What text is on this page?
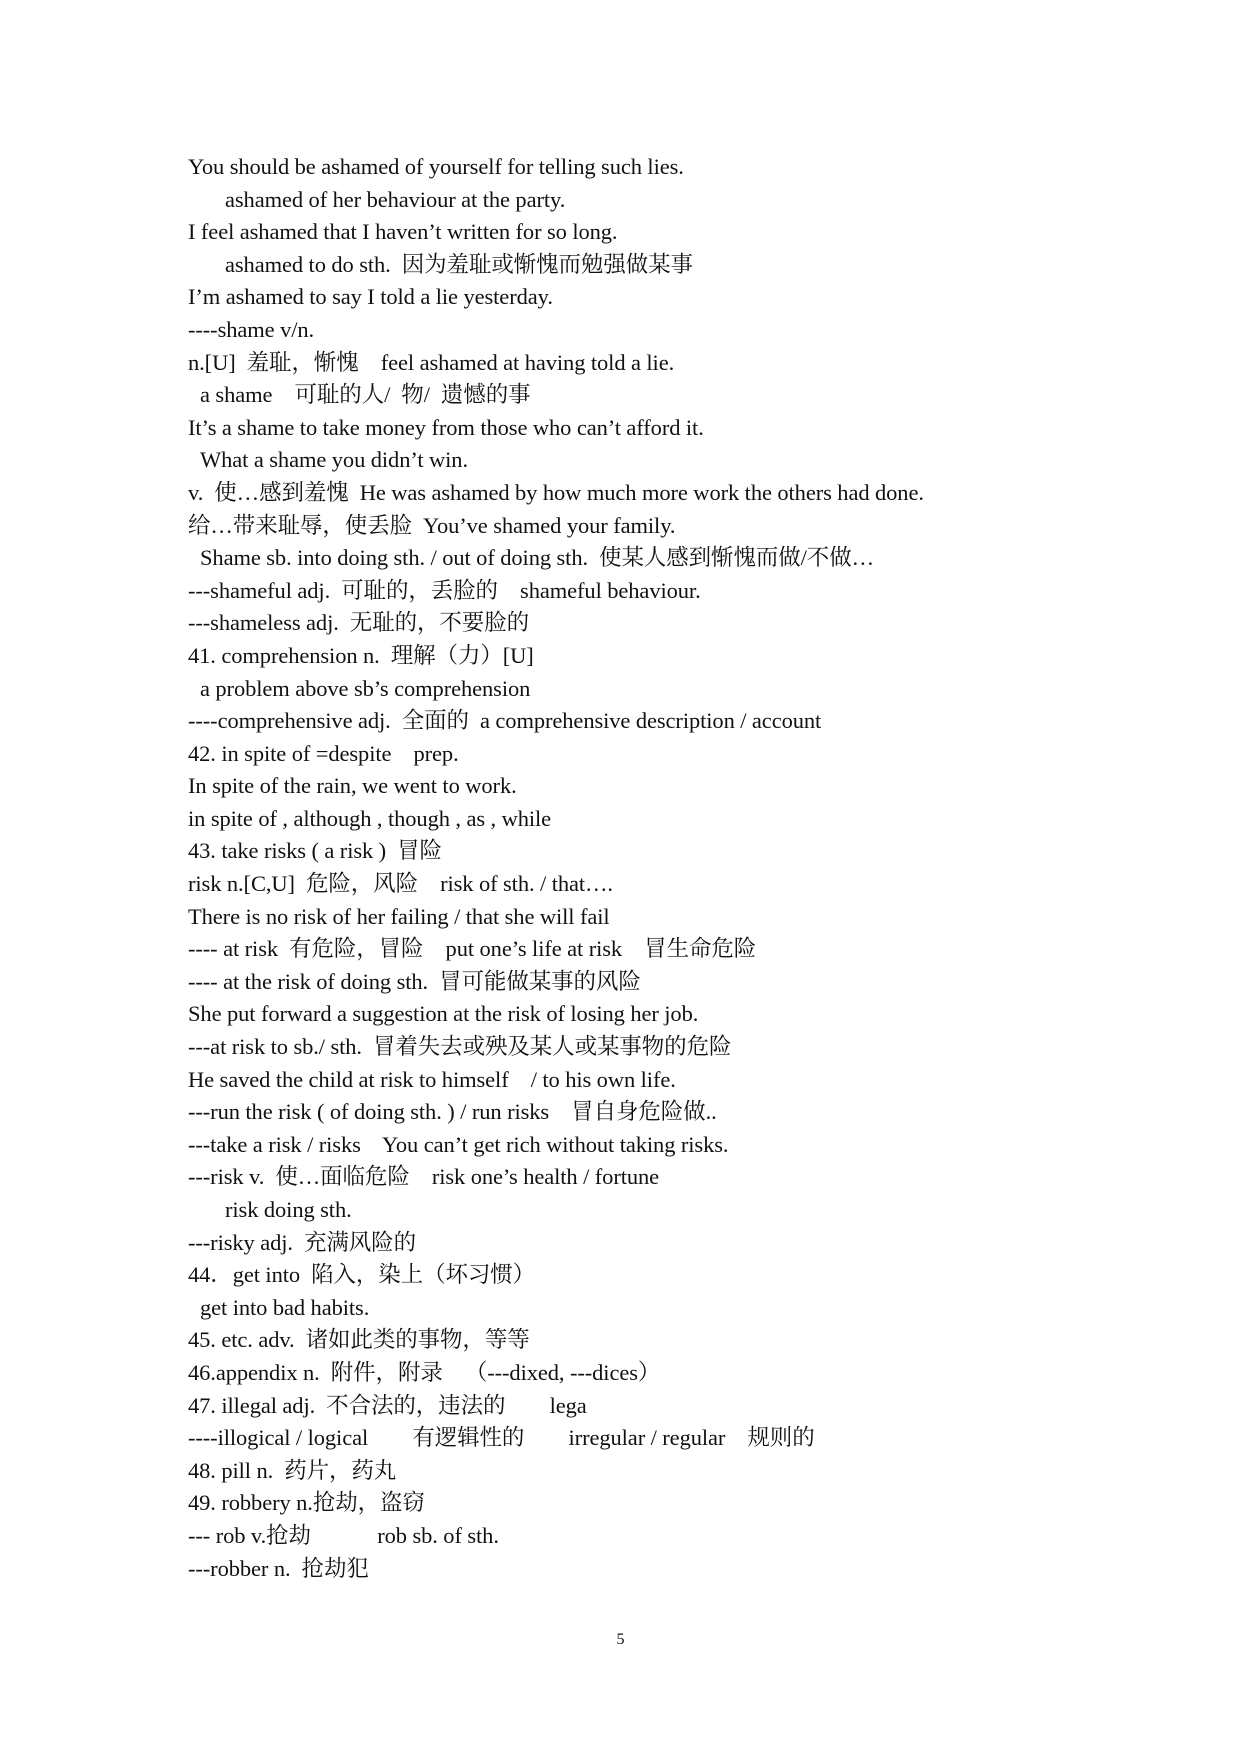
You should be ashamed of yourself for telling such lies.
ashamed of her behaviour at the party.
I feel ashamed that I haven’t written for so long.
ashamed to do sth.  因为羞耻或惭愧而勉强做某事
I’m ashamed to say I told a lie yesterday.
----shame v/n.
n.[U]  羞耻，惭愧    feel ashamed at having told a lie.
a shame    可耻的人/  物/  遗憾的事
It’s a shame to take money from those who can’t afford it.
What a shame you didn’t win.
v.  使…感到羞愧  He was ashamed by how much more work the others had done.
给…带来耻辱，使丢脸  You’ve shamed your family.
Shame sb. into doing sth. / out of doing sth.  使某人感到惭愧而做/不做…
---shameful adj.  可耻的，丢脸的    shameful behaviour.
---shameless adj.  无耻的，不要脸的
41. comprehension n.  理解（力）[U]
a problem above sb’s comprehension
----comprehensive adj.  全面的  a comprehensive description / account
42. in spite of =despite    prep.
In spite of the rain, we went to work.
in spite of , although , though , as , while
43. take risks ( a risk )  冒险
risk n.[C,U]  危险，风险    risk of sth. / that….
There is no risk of her failing / that she will fail
---- at risk  有危险，冒险    put one’s life at risk    冒生命危险
---- at the risk of doing sth.  冒可能做某事的风险
She put forward a suggestion at the risk of losing her job.
---at risk to sb./ sth.  冒着失去或殃及某人或某事物的危险
He saved the child at risk to himself    / to his own life.
---run the risk ( of doing sth. ) / run risks    冒自身危险做..
---take a risk / risks    You can’t get rich without taking risks.
---risk v.  使…面临危险    risk one’s health / fortune
risk doing sth.
---risky adj.  充满风险的
44．get into  陷入，染上（坏习惯）
get into bad habits.
45. etc. adv.  诸如此类的事物，等等
46.appendix n.  附件，附录    （---dixed, ---dices）
47. illegal adj.  不合法的，违法的        lega
----illogical / logical        有逻辑性的        irregular / regular    规则的
48. pill n.  药片，药丸
49. robbery n.抢劫，盗窃
--- rob v.抢劫            rob sb. of sth.
---robber n.  抢劫犯
5
